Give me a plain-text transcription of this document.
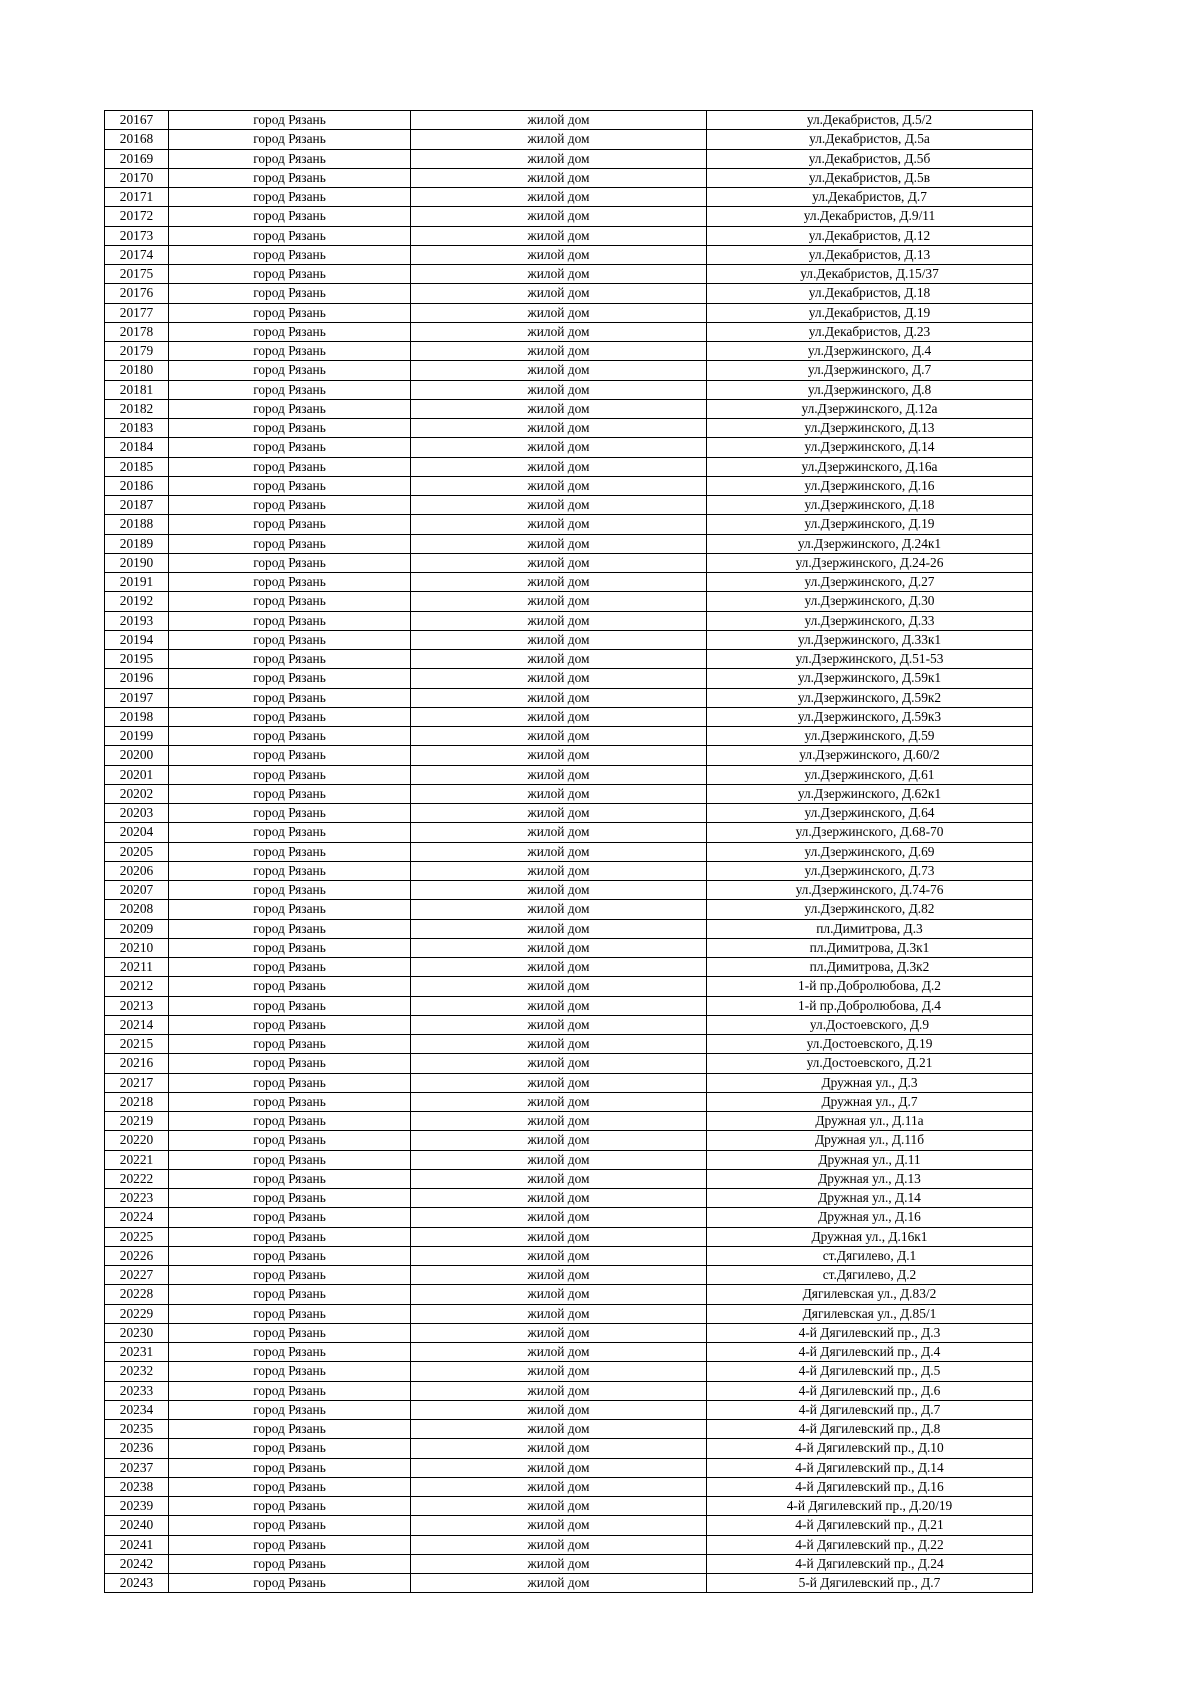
20167	город Рязань	жилой дом	ул.Декабристов, Д.5/2
20168	город Рязань	жилой дом	ул.Декабристов, Д.5а
20169	город Рязань	жилой дом	ул.Декабристов, Д.5б
20170	город Рязань	жилой дом	ул.Декабристов, Д.5в
20171	город Рязань	жилой дом	ул.Декабристов, Д.7
20172	город Рязань	жилой дом	ул.Декабристов, Д.9/11
20173	город Рязань	жилой дом	ул.Декабристов, Д.12
20174	город Рязань	жилой дом	ул.Декабристов, Д.13
20175	город Рязань	жилой дом	ул.Декабристов, Д.15/37
20176	город Рязань	жилой дом	ул.Декабристов, Д.18
20177	город Рязань	жилой дом	ул.Декабристов, Д.19
20178	город Рязань	жилой дом	ул.Декабристов, Д.23
20179	город Рязань	жилой дом	ул.Дзержинского, Д.4
20180	город Рязань	жилой дом	ул.Дзержинского, Д.7
20181	город Рязань	жилой дом	ул.Дзержинского, Д.8
20182	город Рязань	жилой дом	ул.Дзержинского, Д.12а
20183	город Рязань	жилой дом	ул.Дзержинского, Д.13
20184	город Рязань	жилой дом	ул.Дзержинского, Д.14
20185	город Рязань	жилой дом	ул.Дзержинского, Д.16а
20186	город Рязань	жилой дом	ул.Дзержинского, Д.16
20187	город Рязань	жилой дом	ул.Дзержинского, Д.18
20188	город Рязань	жилой дом	ул.Дзержинского, Д.19
20189	город Рязань	жилой дом	ул.Дзержинского, Д.24к1
20190	город Рязань	жилой дом	ул.Дзержинского, Д.24-26
20191	город Рязань	жилой дом	ул.Дзержинского, Д.27
20192	город Рязань	жилой дом	ул.Дзержинского, Д.30
20193	город Рязань	жилой дом	ул.Дзержинского, Д.33
20194	город Рязань	жилой дом	ул.Дзержинского, Д.33к1
20195	город Рязань	жилой дом	ул.Дзержинского, Д.51-53
20196	город Рязань	жилой дом	ул.Дзержинского, Д.59к1
20197	город Рязань	жилой дом	ул.Дзержинского, Д.59к2
20198	город Рязань	жилой дом	ул.Дзержинского, Д.59к3
20199	город Рязань	жилой дом	ул.Дзержинского, Д.59
20200	город Рязань	жилой дом	ул.Дзержинского, Д.60/2
20201	город Рязань	жилой дом	ул.Дзержинского, Д.61
20202	город Рязань	жилой дом	ул.Дзержинского, Д.62к1
20203	город Рязань	жилой дом	ул.Дзержинского, Д.64
20204	город Рязань	жилой дом	ул.Дзержинского, Д.68-70
20205	город Рязань	жилой дом	ул.Дзержинского, Д.69
20206	город Рязань	жилой дом	ул.Дзержинского, Д.73
20207	город Рязань	жилой дом	ул.Дзержинского, Д.74-76
20208	город Рязань	жилой дом	ул.Дзержинского, Д.82
20209	город Рязань	жилой дом	пл.Димитрова, Д.3
20210	город Рязань	жилой дом	пл.Димитрова, Д.3к1
20211	город Рязань	жилой дом	пл.Димитрова, Д.3к2
20212	город Рязань	жилой дом	1-й пр.Добролюбова, Д.2
20213	город Рязань	жилой дом	1-й пр.Добролюбова, Д.4
20214	город Рязань	жилой дом	ул.Достоевского, Д.9
20215	город Рязань	жилой дом	ул.Достоевского, Д.19
20216	город Рязань	жилой дом	ул.Достоевского, Д.21
20217	город Рязань	жилой дом	Дружная ул., Д.3
20218	город Рязань	жилой дом	Дружная ул., Д.7
20219	город Рязань	жилой дом	Дружная ул., Д.11а
20220	город Рязань	жилой дом	Дружная ул., Д.11б
20221	город Рязань	жилой дом	Дружная ул., Д.11
20222	город Рязань	жилой дом	Дружная ул., Д.13
20223	город Рязань	жилой дом	Дружная ул., Д.14
20224	город Рязань	жилой дом	Дружная ул., Д.16
20225	город Рязань	жилой дом	Дружная ул., Д.16к1
20226	город Рязань	жилой дом	ст.Дягилево, Д.1
20227	город Рязань	жилой дом	ст.Дягилево, Д.2
20228	город Рязань	жилой дом	Дягилевская ул., Д.83/2
20229	город Рязань	жилой дом	Дягилевская ул., Д.85/1
20230	город Рязань	жилой дом	4-й Дягилевский пр., Д.3
20231	город Рязань	жилой дом	4-й Дягилевский пр., Д.4
20232	город Рязань	жилой дом	4-й Дягилевский пр., Д.5
20233	город Рязань	жилой дом	4-й Дягилевский пр., Д.6
20234	город Рязань	жилой дом	4-й Дягилевский пр., Д.7
20235	город Рязань	жилой дом	4-й Дягилевский пр., Д.8
20236	город Рязань	жилой дом	4-й Дягилевский пр., Д.10
20237	город Рязань	жилой дом	4-й Дягилевский пр., Д.14
20238	город Рязань	жилой дом	4-й Дягилевский пр., Д.16
20239	город Рязань	жилой дом	4-й Дягилевский пр., Д.20/19
20240	город Рязань	жилой дом	4-й Дягилевский пр., Д.21
20241	город Рязань	жилой дом	4-й Дягилевский пр., Д.22
20242	город Рязань	жилой дом	4-й Дягилевский пр., Д.24
20243	город Рязань	жилой дом	5-й Дягилевский пр., Д.7
